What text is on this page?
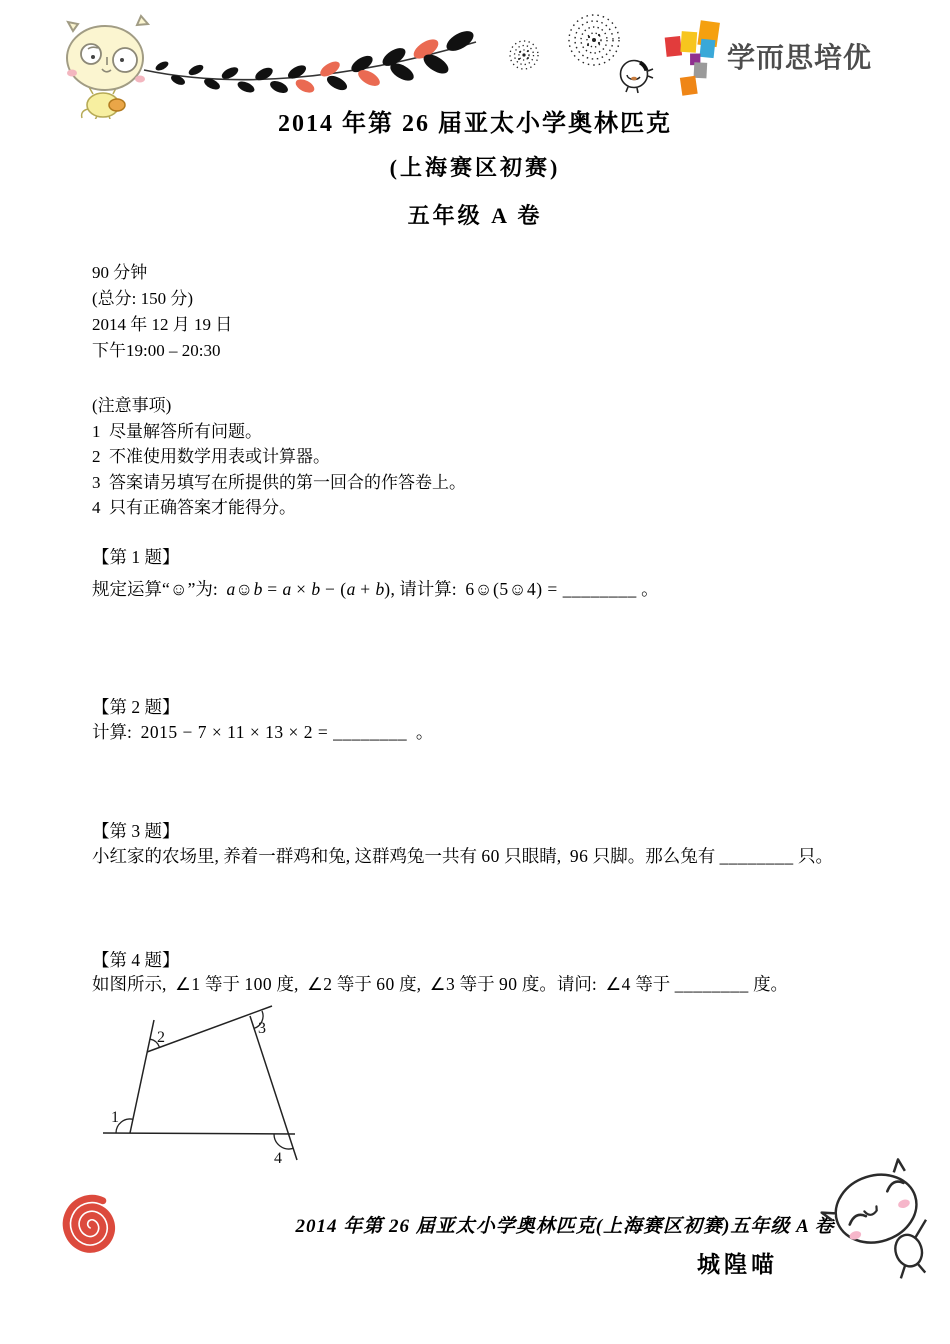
学而思培优
2014 年第 26 届亚太小学奥林匹克
(上海赛区初赛)
五年级 A 卷
90 分钟
(总分: 150 分)
2014 年 12 月 19 日
下午19:00 – 20:30
(注意事项)
1  尽量解答所有问题。
2  不准使用数学用表或计算器。
3  答案请另填写在所提供的第一回合的作答卷上。
4  只有正确答案才能得分。
【第 1 题】
规定运算“☺”为:  a☺b = a × b − (a + b), 请计算:  6☺(5☺4) = ________ 。
【第 2 题】
计算:  2015 − 7 × 11 × 13 × 2 = ________  。
【第 3 题】
小红家的农场里, 养着一群鸡和兔, 这群鸡兔一共有 60 只眼睛,  96 只脚。那么兔有 ________ 只。
【第 4 题】
如图所示,  ∠1 等于 100 度,  ∠2 等于 60 度,  ∠3 等于 90 度。请问:  ∠4 等于 ________ 度。
1
2
3
4
2014 年第 26 届亚太小学奥林匹克(上海赛区初赛)五年级 A 卷
城隍喵
